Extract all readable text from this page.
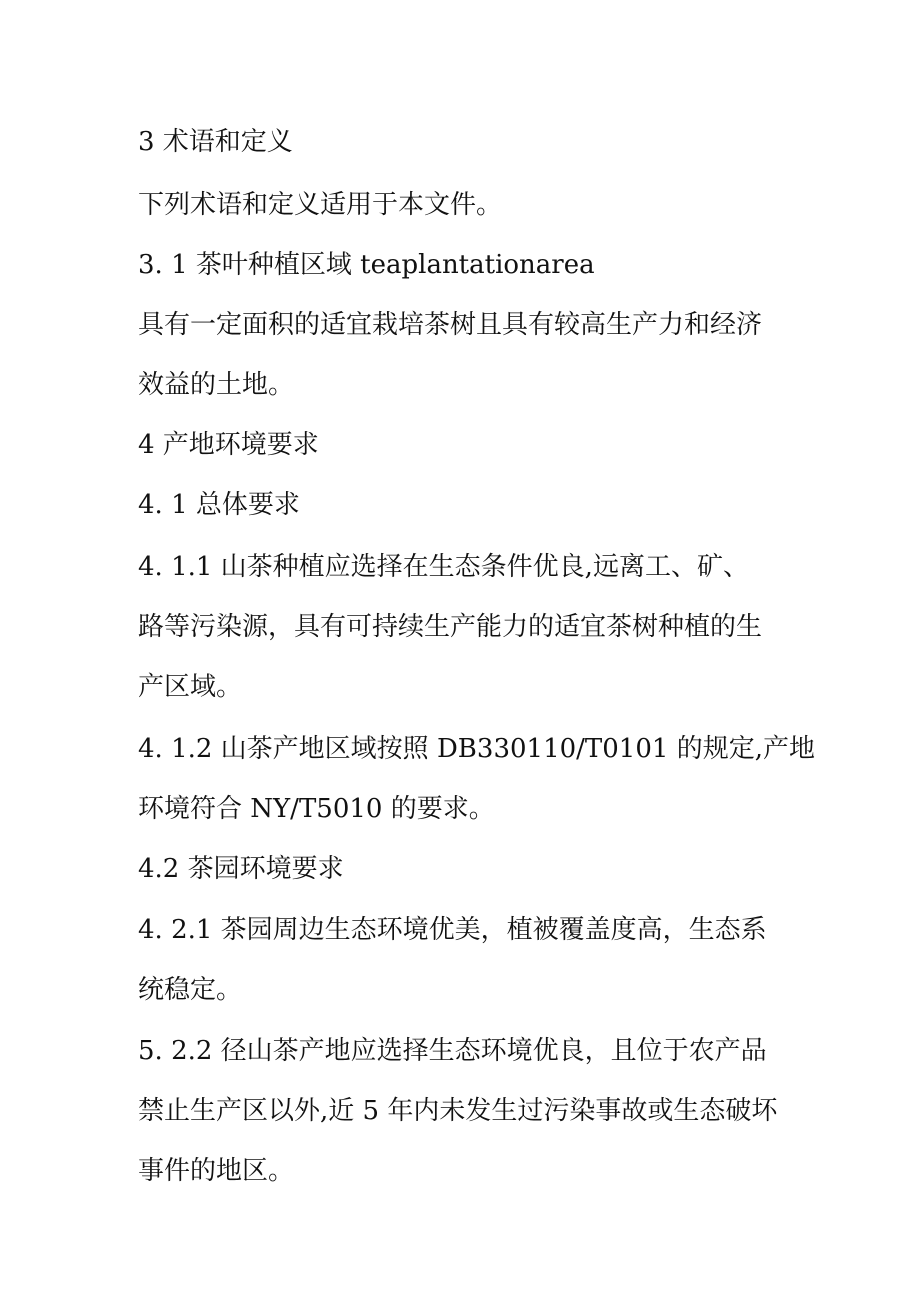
3 术语和定义
下列术语和定义适用于本文件。
3. 1 茶叶种植区域 teaplantationarea
具有一定面积的适宜栽培茶树且具有较高生产力和经济
效益的土地。
4 产地环境要求
4. 1 总体要求
4. 1.1 山茶种植应选择在生态条件优良,远离工、矿、
路等污染源，具有可持续生产能力的适宜茶树种植的生
产区域。
4. 1.2 山茶产地区域按照 DB330110/T0101 的规定,产地
环境符合 NY/T5010 的要求。
4.2 茶园环境要求
4. 2.1 茶园周边生态环境优美，植被覆盖度高，生态系
统稳定。
5. 2.2 径山茶产地应选择生态环境优良，且位于农产品
禁止生产区以外,近 5 年内未发生过污染事故或生态破坏
事件的地区。
